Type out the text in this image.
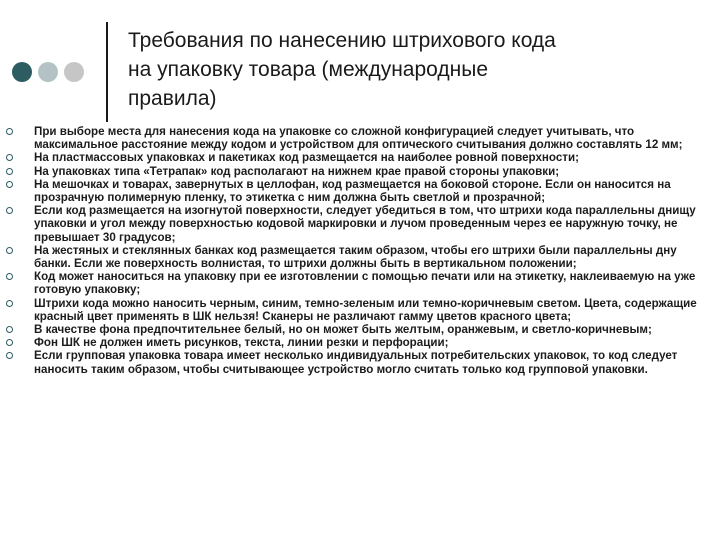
Требования по нанесению штрихового кода
на упаковку товара (международные
правила)
При выборе места для нанесения кода на упаковке со сложной конфигурацией следует учитывать, что максимальное расстояние между кодом и устройством для оптического считывания должно составлять 12 мм;
На пластмассовых упаковках и пакетиках код размещается на наиболее ровной поверхности;
На упаковках типа «Тетрапак» код располагают на нижнем крае правой стороны упаковки;
На мешочках и товарах, завернутых в целлофан, код размещается на боковой стороне. Если он наносится на прозрачную полимерную пленку, то этикетка с ним должна быть светлой и прозрачной;
Если код размещается на изогнутой поверхности, следует убедиться в том, что штрихи кода параллельны днищу упаковки и угол между поверхностью кодовой маркировки и лучом проведенным через ее наружную точку, не превышает 30 градусов;
На жестяных и стеклянных банках код размещается таким образом, чтобы его штрихи были параллельны дну банки. Если же поверхность волнистая, то штрихи должны быть в вертикальном положении;
Код может наноситься на упаковку при ее изготовлении с помощью печати или на этикетку, наклеиваемую на уже готовую упаковку;
Штрихи кода можно наносить черным, синим, темно-зеленым или темно-коричневым светом. Цвета, содержащие красный цвет применять в ШК нельзя! Сканеры не различают гамму цветов красного цвета;
В качестве фона предпочтительнее белый, но он может быть желтым, оранжевым, и светло-коричневым;
Фон ШК не должен иметь рисунков, текста, линии резки и перфорации;
Если групповая упаковка товара имеет несколько индивидуальных потребительских упаковок, то код следует наносить таким образом, чтобы считывающее устройство могло считать только код групповой упаковки.
